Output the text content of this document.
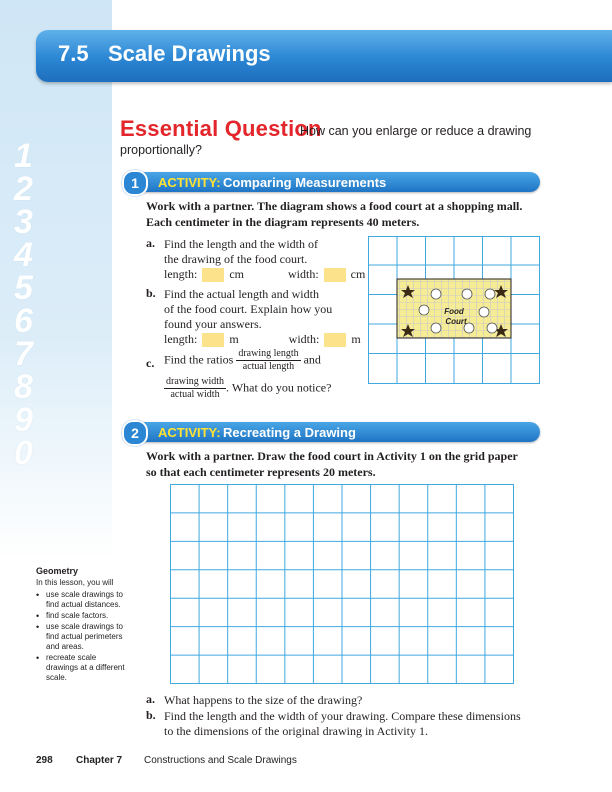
1
2
3
4
5
6
7
8
9
0
7.5 Scale Drawings
Essential Question
How can you enlarge or reduce a drawing
proportionally?
1	ACTIVITY: Comparing Measurements
Work with a partner. The diagram shows a food court at a shopping mall.
Each centimeter in the diagram represents 40 meters.
a. Find the length and the width of
the drawing of the food court.
length:	cm	width:	cm
b. Find the actual length and width
of the food court. Explain how you
found your answers.
length:	m	width:	m
c. Find the ratios $\frac{\text{drawing length}}{\text{actual length}}$ and
$\frac{\text{drawing width}}{\text{actual width}}$ . What do you notice?
Food
Court
2	ACTIVITY: Recreating a Drawing
Work with a partner. Draw the food court in Activity 1 on the grid paper
so that each centimeter represents 20 meters.
Geometry
In this lesson, you will
• use scale drawings to find actual distances.
• find scale factors.
• use scale drawings to find actual perimeters and areas.
• recreate scale drawings at a different scale.
a. What happens to the size of the drawing?
b. Find the length and the width of your drawing. Compare these dimensions
to the dimensions of the original drawing in Activity 1.
298 Chapter 7 Constructions and Scale Drawings
